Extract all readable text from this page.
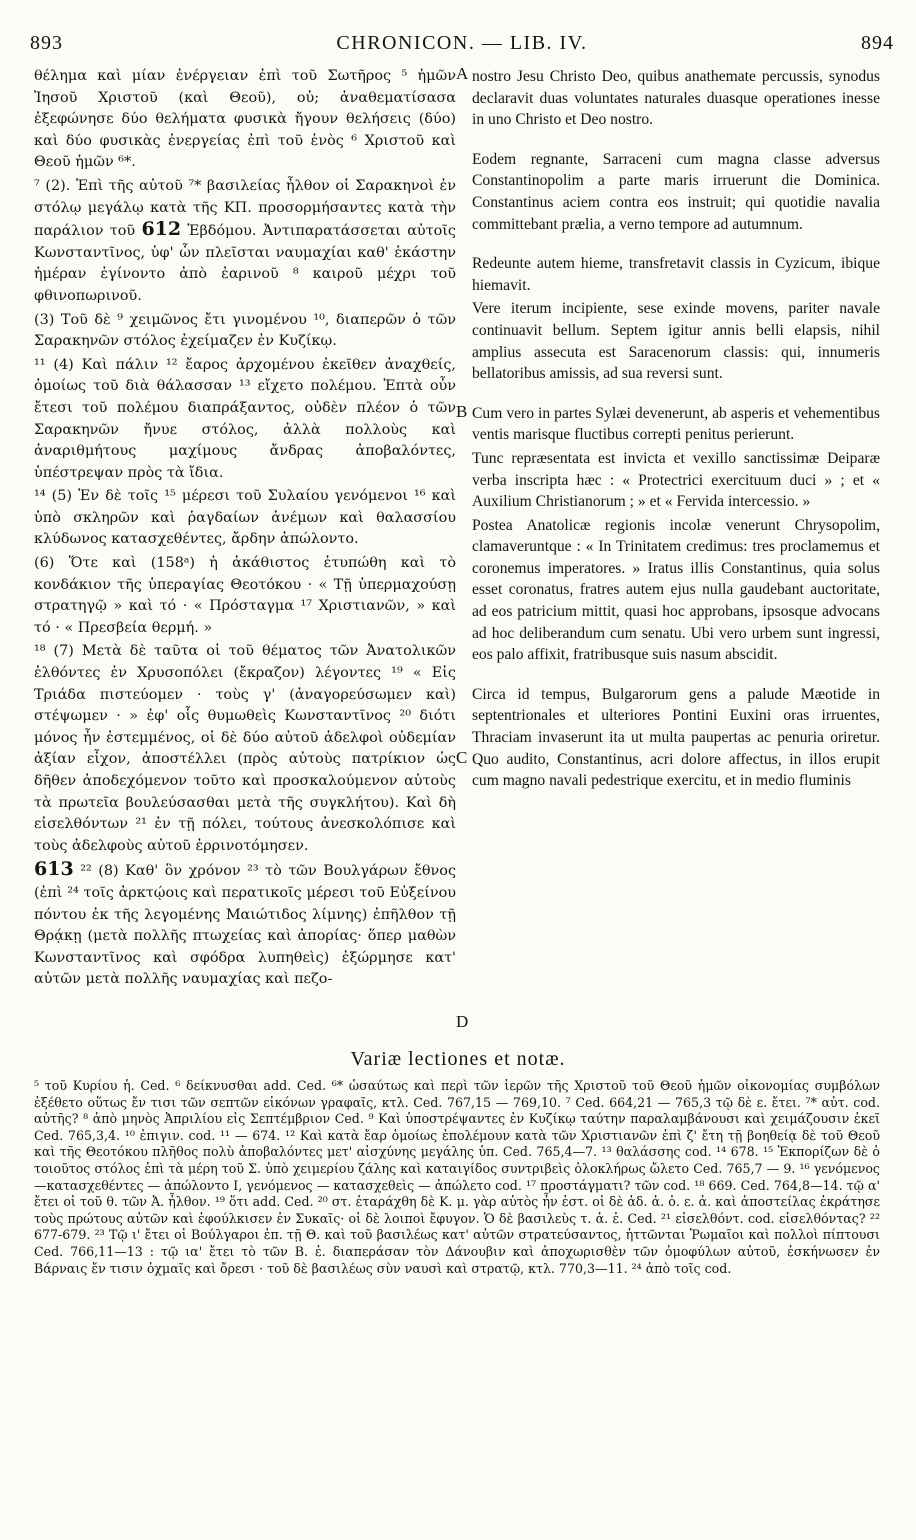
893	CHRONICON. — LIB. IV.	894

θέλημα καὶ μίαν ἐνέργειαν ἐπὶ τοῦ Σωτῆρος ⁵ ἡμῶν Ἰησοῦ Χριστοῦ (καὶ Θεοῦ), οὐ; ἀναθεματίσασα ἐξεφώνησε δύο θελήματα φυσικὰ ἤγουν θελήσεις (δύο) καὶ δύο φυσικὰς ἐνεργείας ἐπὶ τοῦ ἑνὸς ⁶ Χριστοῦ καὶ Θεοῦ ἡμῶν ⁶*.

⁷ (2). Ἐπὶ τῆς αὐτοῦ ⁷* βασιλείας ἦλθον οἱ Σαρακηνοὶ ἐν στόλῳ μεγάλῳ κατὰ τῆς ΚΠ. προσορμήσαντες κατὰ τὴν παράλιον τοῦ 612 Ἑβδόμου. Ἀντιπαρατάσσεται αὐτοῖς Κωνσταντῖνος, ὑφ' ὧν πλεῖσται ναυμαχίαι καθ' ἑκάστην ἡμέραν ἐγίνοντο ἀπὸ ἐαρινοῦ ⁸ καιροῦ μέχρι τοῦ φθινοπωρινοῦ.

(3) Τοῦ δὲ ⁹ χειμῶνος ἔτι γινομένου ¹⁰, διαπερῶν ὁ τῶν Σαρακηνῶν στόλος ἐχείμαζεν ἐν Κυζίκῳ.

¹¹ (4) Καὶ πάλιν ¹² ἔαρος ἀρχομένου ἐκεῖθεν ἀναχθείς, ὁμοίως τοῦ διὰ θάλασσαν ¹³ εἴχετο πολέμου. Ἑπτὰ οὖν ἔτεσι τοῦ πολέμου διαπράξαντος, οὐδὲν πλέον ὁ τῶν Σαρακηνῶν ἤνυε στόλος, ἀλλὰ πολλοὺς καὶ ἀναριθμήτους μαχίμους ἄνδρας ἀποβαλόντες, ὑπέστρεψαν πρὸς τὰ ἴδια.

¹⁴ (5) Ἐν δὲ τοῖς ¹⁵ μέρεσι τοῦ Συλαίου γενόμενοι ¹⁶ καὶ ὑπὸ σκληρῶν καὶ ῥαγδαίων ἀνέμων καὶ θαλασσίου κλύδωνος κατασχεθέντες, ἄρδην ἀπώλοντο.

(6) Ὅτε καὶ (158ᵃ) ἡ ἀκάθιστος ἐτυπώθη καὶ τὸ κονδάκιον τῆς ὑπεραγίας Θεοτόκου · « Τῇ ὑπερμαχούσῃ στρατηγῷ » καὶ τό · « Πρόσταγμα ¹⁷ Χριστιανῶν, » καὶ τό · « Πρεσβεία θερμή. »

¹⁸ (7) Μετὰ δὲ ταῦτα οἱ τοῦ θέματος τῶν Ἀνατολικῶν ἐλθόντες ἐν Χρυσοπόλει (ἔκραζον) λέγοντες ¹⁹ « Εἰς Τριάδα πιστεύομεν · τοὺς γ' (ἀναγορεύσωμεν καὶ) στέψωμεν · » ἐφ' οἷς θυμωθεὶς Κωνσταντῖνος ²⁰ διότι μόνος ἦν ἐστεμμένος, οἱ δὲ δύο αὐτοῦ ἀδελφοὶ οὐδεμίαν ἀξίαν εἶχον, ἀποστέλλει (πρὸς αὐτοὺς πατρίκιον ὡς δῆθεν ἀποδεχόμενον τοῦτο καὶ προσκαλούμενον αὐτοὺς τὰ πρωτεῖα βουλεύσασθαι μετὰ τῆς συγκλήτου). Καὶ δὴ εἰσελθόντων ²¹ ἐν τῇ πόλει, τούτους ἀνεσκολόπισε καὶ τοὺς ἀδελφοὺς αὐτοῦ ἐρρινοτόμησεν.

613 ²² (8) Καθ' ὃν χρόνον ²³ τὸ τῶν Βουλγάρων ἔθνος (ἐπὶ ²⁴ τοῖς ἀρκτῴοις καὶ περατικοῖς μέρεσι τοῦ Εὐξείνου πόντου ἐκ τῆς λεγομένης Μαιώτιδος λίμνης) ἐπῆλθον τῇ Θρᾴκῃ (μετὰ πολλῆς πτωχείας καὶ ἀπορίας· ὅπερ μαθὼν Κωνσταντῖνος καὶ σφόδρα λυπηθεὶς) ἐξώρμησε κατ' αὐτῶν μετὰ πολλῆς ναυμαχίας καὶ πεζο-

A
B
C
D

nostro Jesu Christo Deo, quibus anathemate percussis, synodus declaravit duas voluntates naturales duasque operationes inesse in uno Christo et Deo nostro.

Eodem regnante, Sarraceni cum magna classe adversus Constantinopolim a parte maris irruerunt die Dominica. Constantinus aciem contra eos instruit; qui quotidie navalia committebant prælia, a verno tempore ad autumnum.

Redeunte autem hieme, transfretavit classis in Cyzicum, ibique hiemavit.

Vere iterum incipiente, sese exinde movens, pariter navale continuavit bellum. Septem igitur annis belli elapsis, nihil amplius assecuta est Saracenorum classis: qui, innumeris bellatoribus amissis, ad sua reversi sunt.

Cum vero in partes Sylæi devenerunt, ab asperis et vehementibus ventis marisque fluctibus correpti penitus perierunt.

Tunc repræsentata est invicta et vexillo sanctissimæ Deiparæ verba inscripta hæc : « Protectrici exercituum duci » ; et « Auxilium Christianorum ; » et « Fervida intercessio. »

Postea Anatolicæ regionis incolæ venerunt Chrysopolim, clamaveruntque : « In Trinitatem credimus: tres proclamemus et coronemus imperatores. » Iratus illis Constantinus, quia solus esset coronatus, fratres autem ejus nulla gaudebant auctoritate, ad eos patricium mittit, quasi hoc approbans, ipsosque advocans ad hoc deliberandum cum senatu. Ubi vero urbem sunt ingressi, eos palo affixit, fratribusque suis nasum abscidit.

Circa id tempus, Bulgarorum gens a palude Mæotide in septentrionales et ulteriores Pontini Euxini oras irruentes, Thraciam invaserunt ita ut multa paupertas ac penuria oriretur. Quo audito, Constantinus, acri dolore affectus, in illos erupit cum magno navali pedestrique exercitu, et in medio fluminis

Variæ lectiones et notæ.

⁵ τοῦ Κυρίου ἡ. Ced. ⁶ δείκνυσθαι add. Ced. ⁶* ὡσαύτως καὶ περὶ τῶν ἱερῶν τῆς Χριστοῦ τοῦ Θεοῦ ἡμῶν οἰκονομίας συμβόλων ἐξέθετο οὕτως ἔν τισι τῶν σεπτῶν εἰκόνων γραφαῖς, κτλ. Ced. 767,15 — 769,10. ⁷ Ced. 664,21 — 765,3 τῷ δὲ ε. ἔτει. ⁷* αὐτ. cod. αὐτῆς? ⁸ ἀπὸ μηνὸς Ἀπριλίου εἰς Σεπτέμβριον Ced. ⁹ Καὶ ὑποστρέψαντες ἐν Κυζίκῳ ταύτην παραλαμβάνουσι καὶ χειμάζουσιν ἐκεῖ Ced. 765,3,4. ¹⁰ ἐπιγιν. cod. ¹¹ — 674. ¹² Καὶ κατὰ ἔαρ ὁμοίως ἐπολέμουν κατὰ τῶν Χριστιανῶν ἐπὶ ζ' ἔτη τῇ βοηθείᾳ δὲ τοῦ Θεοῦ καὶ τῆς Θεοτόκου πλῆθος πολὺ ἀποβαλόντες μετ' αἰσχύνης μεγάλης ὑπ. Ced. 765,4—7. ¹³ θαλάσσης cod. ¹⁴ 678. ¹⁵ Ἐκπορίζων δὲ ὁ τοιοῦτος στόλος ἐπὶ τὰ μέρη τοῦ Σ. ὑπὸ χειμερίου ζάλης καὶ καταιγίδος συντριβεὶς ὁλοκλήρως ὤλετο Ced. 765,7 — 9. ¹⁶ γενόμενος —κατασχεθέντες — ἀπώλοντο I, γενόμενος — κατασχεθεὶς — ἀπώλετο cod. ¹⁷ προστάγματι? τῶν cod. ¹⁸ 669. Ced. 764,8—14. τῷ α' ἔτει οἱ τοῦ θ. τῶν Ἀ. ἦλθον. ¹⁹ ὅτι add. Ced. ²⁰ στ. ἐταράχθη δὲ Κ. μ. γὰρ αὐτὸς ἦν ἐστ. οἱ δὲ ἀδ. ἀ. ὁ. ε. ἀ. καὶ ἀποστείλας ἐκράτησε τοὺς πρώτους αὐτῶν καὶ ἐφούλκισεν ἐν Συκαῖς· οἱ δὲ λοιποὶ ἔφυγον. Ὁ δὲ βασιλεὺς τ. ἀ. ἐ. Ced. ²¹ εἰσελθόντ. cod. εἰσελθόντας? ²² 677-679. ²³ Τῷ ι' ἔτει οἱ Βούλγαροι ἐπ. τῇ Θ. καὶ τοῦ βασιλέως κατ' αὐτῶν στρατεύσαντος, ἡττῶνται Ῥωμαῖοι καὶ πολλοὶ πίπτουσι Ced. 766,11—13 : τῷ ια' ἔτει τὸ τῶν Β. ἐ. διαπεράσαν τὸν Δάνουβιν καὶ ἀποχωρισθὲν τῶν ὁμοφύλων αὐτοῦ, ἐσκήνωσεν ἐν Βάρναις ἔν τισιν ὀχμαῖς καὶ ὄρεσι · τοῦ δὲ βασιλέως σὺν ναυσὶ καὶ στρατῷ, κτλ. 770,3—11. ²⁴ ἀπὸ τοῖς cod.
